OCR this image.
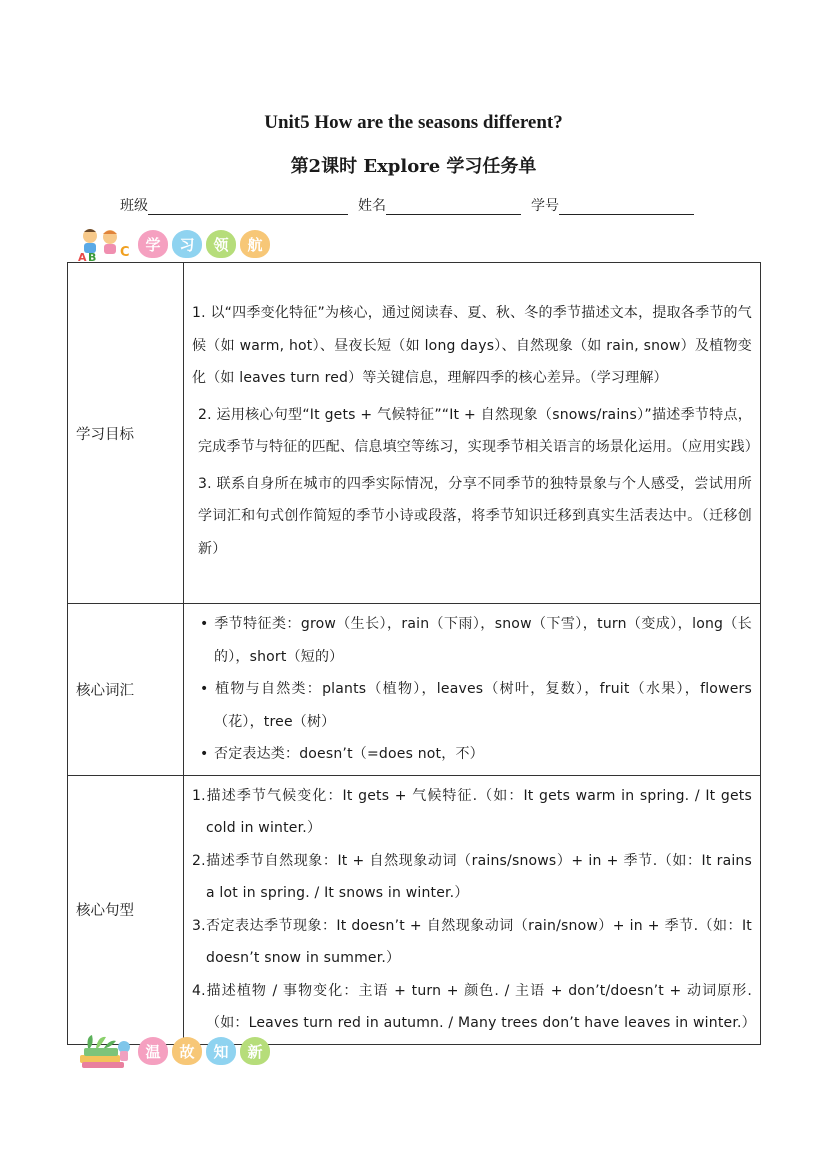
Unit5 How are the seasons different?
第2课时 Explore 学习任务单
班级	姓名	学号
A B C	学	习	领	航
学习目标	1. 以“四季变化特征”为核心，通过阅读春、夏、秋、冬的季节描述文本，提取各季节的气候（如 warm, hot）、昼夜长短（如 long days）、自然现象（如 rain, snow）及植物变化（如 leaves turn red）等关键信息，理解四季的核心差异。（学习理解）
2. 运用核心句型“It gets + 气候特征”“It + 自然现象（snows/rains）”描述季节特点，完成季节与特征的匹配、信息填空等练习，实现季节相关语言的场景化运用。（应用实践）
3. 联系自身所在城市的四季实际情况，分享不同季节的独特景象与个人感受，尝试用所学词汇和句式创作简短的季节小诗或段落，将季节知识迁移到真实生活表达中。（迁移创新）

核心词汇	• 季节特征类：grow（生长），rain（下雨），snow（下雪），turn（变成），long（长的），short（短的）
• 植物与自然类：plants（植物），leaves（树叶，复数），fruit（水果），flowers（花），tree（树）
• 否定表达类：doesn’t（=does not，不）

核心句型	1.描述季节气候变化：It gets + 气候特征.（如：It gets warm in spring. / It gets cold in winter.）
2.描述季节自然现象：It + 自然现象动词（rains/snows）+ in + 季节.（如：It rains a lot in spring. / It snows in winter.）
3.否定表达季节现象：It doesn’t + 自然现象动词（rain/snow）+ in + 季节.（如：It doesn’t snow in summer.）
4.描述植物 / 事物变化：主语 + turn + 颜色. / 主语 + don’t/doesn’t + 动词原形.（如：Leaves turn red in autumn. / Many trees don’t have leaves in winter.）
温	故	知	新
